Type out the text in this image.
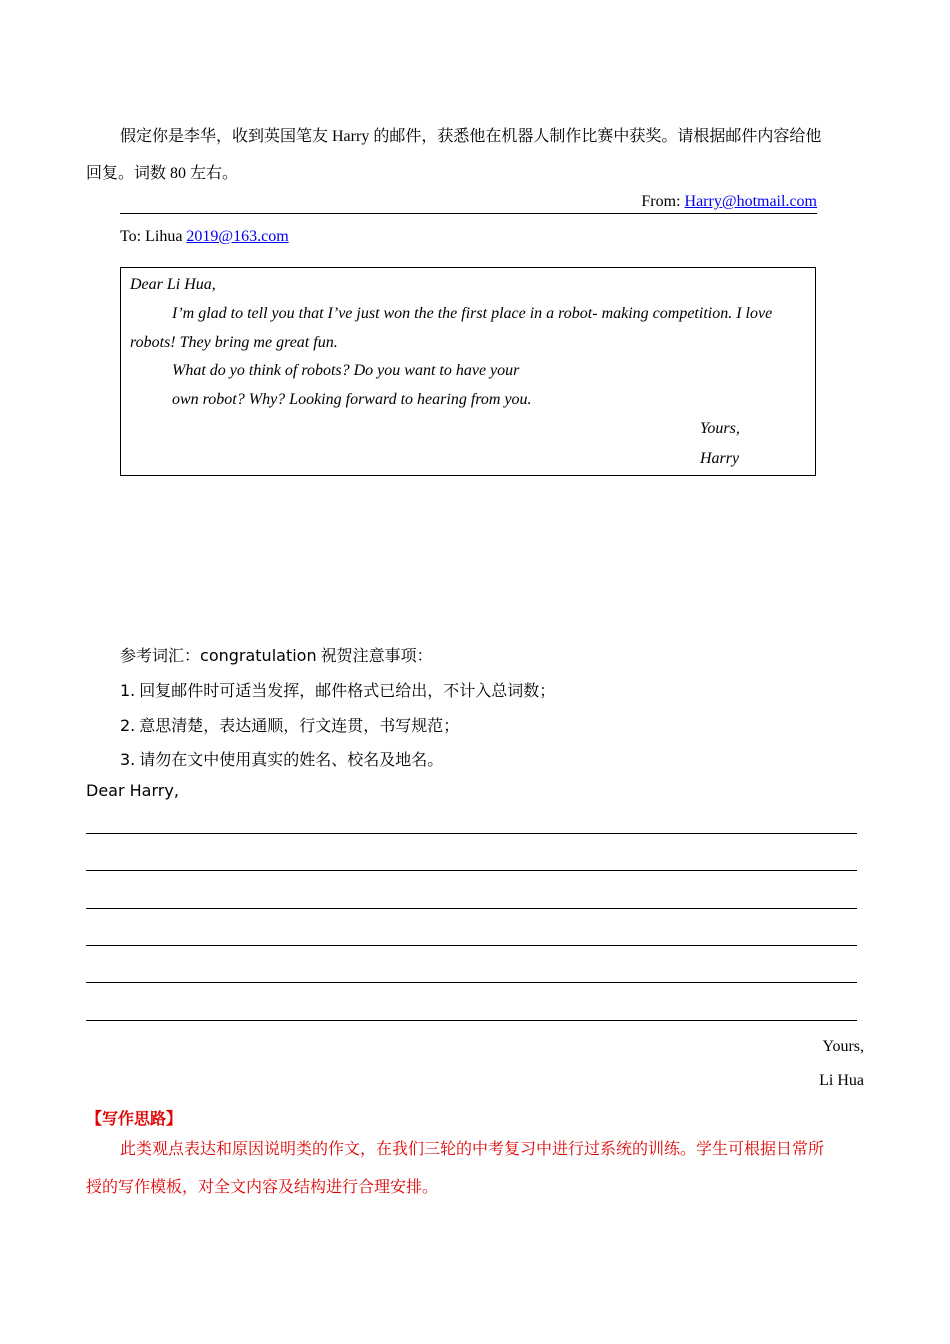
假定你是李华，收到英国笔友 Harry 的邮件，获悉他在机器人制作比赛中获奖。请根据邮件内容给他
回复。词数 80 左右。
From: Harry@hotmail.com
To: Lihua 2019@163.com
Dear Li Hua,
I’m glad to tell you that I’ve just won the the first place in a robot- making competition. I love
robots! They bring me great fun.
What do yo think of robots? Do you want to have your
own robot? Why? Looking forward to hearing from you.
Yours,
Harry
参考词汇：congratulation 祝贺注意事项：
1. 回复邮件时可适当发挥，邮件格式已给出，不计入总词数；
2. 意思清楚，表达通顺，行文连贯，书写规范；
3. 请勿在文中使用真实的姓名、校名及地名。
Dear Harry,
Yours,
Li Hua
【写作思路】
此类观点表达和原因说明类的作文，在我们三轮的中考复习中进行过系统的训练。学生可根据日常所
授的写作模板，对全文内容及结构进行合理安排。
